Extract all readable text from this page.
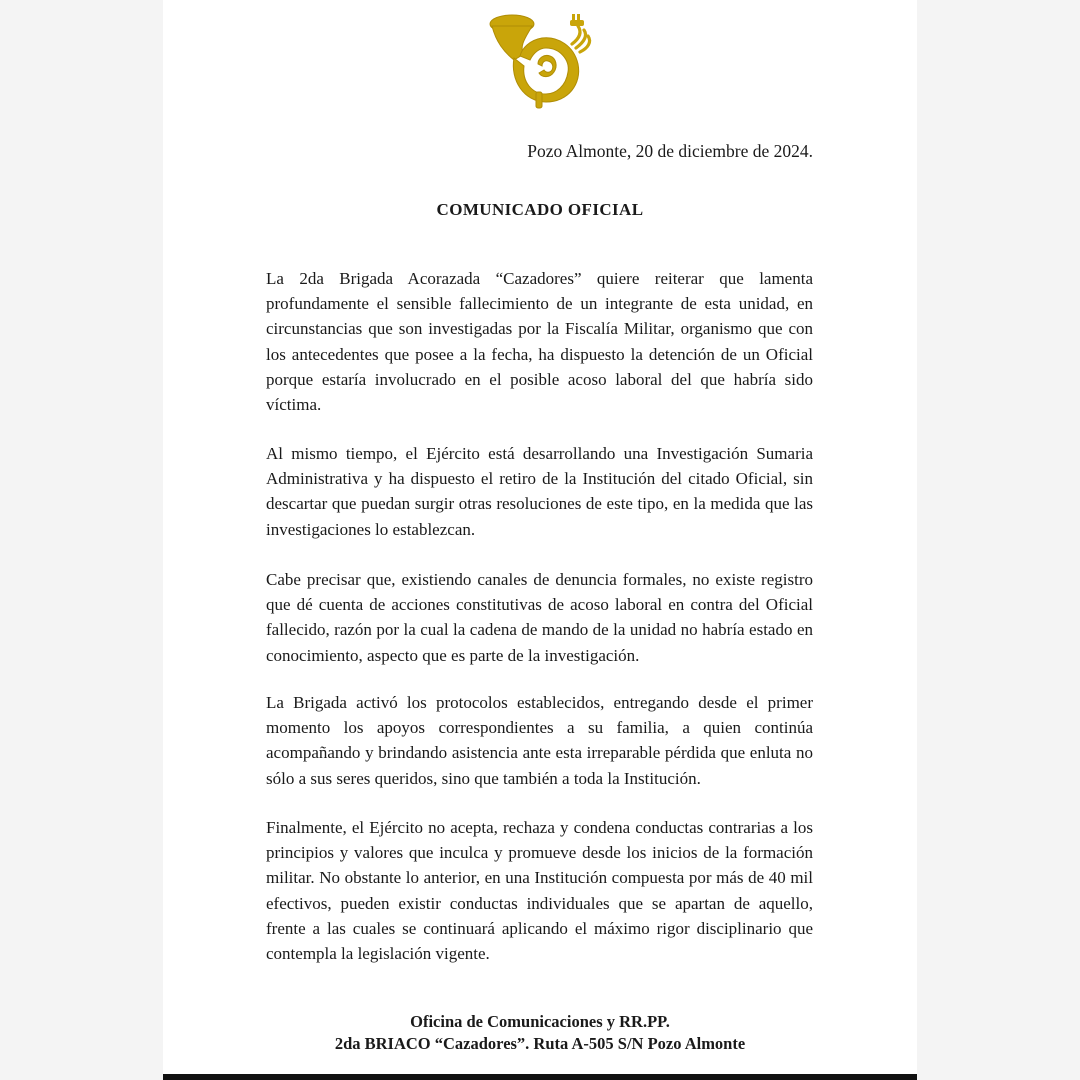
Pozo Almonte, 20 de diciembre de 2024.
COMUNICADO OFICIAL
La 2da Brigada Acorazada “Cazadores” quiere reiterar que lamenta profundamente el sensible fallecimiento de un integrante de esta unidad, en circunstancias que son investigadas por la Fiscalía Militar, organismo que con los antecedentes que posee a la fecha, ha dispuesto la detención de un Oficial porque estaría involucrado en el posible acoso laboral del que habría sido víctima.
Al mismo tiempo, el Ejército está desarrollando una Investigación Sumaria Administrativa y ha dispuesto el retiro de la Institución del citado Oficial, sin descartar que puedan surgir otras resoluciones de este tipo, en la medida que las investigaciones lo establezcan.
Cabe precisar que, existiendo canales de denuncia formales, no existe registro que dé cuenta de acciones constitutivas de acoso laboral en contra del Oficial fallecido, razón por la cual la cadena de mando de la unidad no habría estado en conocimiento, aspecto que es parte de la investigación.
La Brigada activó los protocolos establecidos, entregando desde el primer momento los apoyos correspondientes a su familia, a quien continúa acompañando y brindando asistencia ante esta irreparable pérdida que enluta no sólo a sus seres queridos, sino que también a toda la Institución.
Finalmente, el Ejército no acepta, rechaza y condena conductas contrarias a los principios y valores que inculca y promueve desde los inicios de la formación militar. No obstante lo anterior, en una Institución compuesta por más de 40 mil efectivos, pueden existir conductas individuales que se apartan de aquello, frente a las cuales se continuará aplicando el máximo rigor disciplinario que contempla la legislación vigente.
Oficina de Comunicaciones y RR.PP.
2da BRIACO “Cazadores”. Ruta A-505 S/N Pozo Almonte
